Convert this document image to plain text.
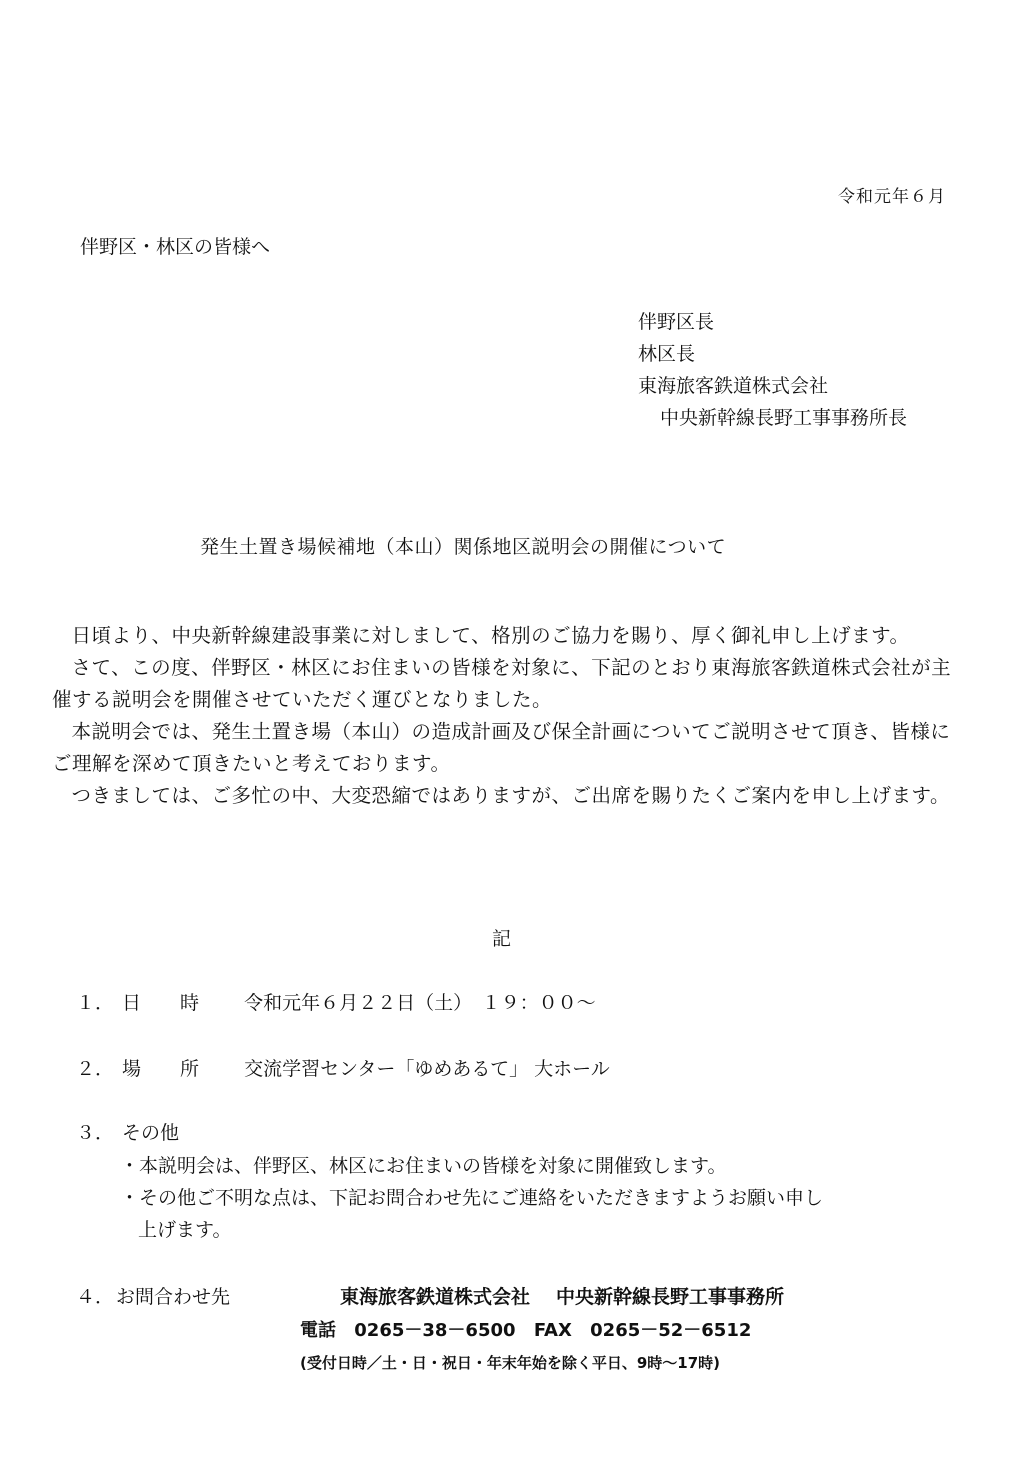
令和元年６月
伴野区・林区の皆様へ
伴野区長
林区長
東海旅客鉄道株式会社
中央新幹線長野工事事務所長
発生土置き場候補地（本山）関係地区説明会の開催について

日頃より、中央新幹線建設事業に対しまして、格別のご協力を賜り、厚く御礼申し上げます。

さて、この度、伴野区・林区にお住まいの皆様を対象に、下記のとおり東海旅客鉄道株式会社が主催する説明会を開催させていただく運びとなりました。

本説明会では、発生土置き場（本山）の造成計画及び保全計画についてご説明させて頂き、皆様にご理解を深めて頂きたいと考えております。

つきましては、ご多忙の中、大変恐縮ではありますが、ご出席を賜りたくご案内を申し上げます。

記
１． 日　時 令和元年６月２２日（土）　１９：００～
２． 場　所 交流学習センター「ゆめあるて」 大ホール
３． その他
・本説明会は、伴野区、林区にお住まいの皆様を対象に開催致します。
・その他ご不明な点は、下記お問合わせ先にご連絡をいただきますようお願い申し
上げます。
４． お問合わせ先	東海旅客鉄道株式会社 中央新幹線長野工事事務所
電話 0265－38－6500 FAX 0265－52－6512
(受付日時／土・日・祝日・年末年始を除く平日、9時～17時)
